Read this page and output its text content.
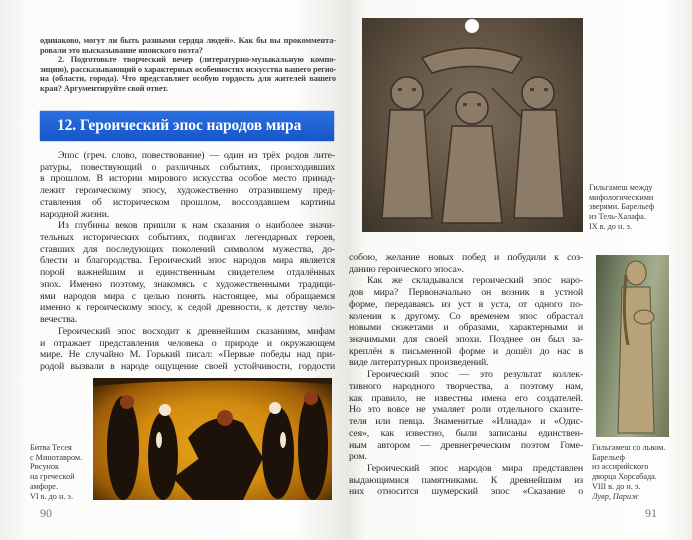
одинаково, могут ли быть разными сердца людей». Как бы вы прокоммента-
ровали это высказывание японского поэта?
2. Подготовьте творческий вечер (литературно-музыкальную компо-
зицию), рассказывающий о характерных особенностях искусства вашего регио-
на (области, города). Что представляет особую гордость для жителей вашего
края? Аргументируйте свой ответ.
12. Героический эпос народов мира
Эпос (греч. слово, повествование) — один из трёх родов лите-
ратуры, повествующий о различных событиях, происходивших
в прошлом. В истории мирового искусства особое место принад-
лежит героическому эпосу, художественно отразившему пред-
ставления об историческом прошлом, воссоздавшем картины
народной жизни.
Из глубины веков пришли к нам сказания о наиболее значи-
тельных исторических событиях, подвигах легендарных героев,
ставших для последующих поколений символом мужества, до-
блести и благородства. Героический эпос народов мира является
порой важнейшим и единственным свидетелем отдалённых
эпох. Именно поэтому, знакомясь с художественными традици-
ями народов мира с целью понять настоящее, мы обращаемся
именно к героическому эпосу, к седой древности, к детству чело-
вечества.
Героический эпос восходит к древнейшим сказаниям, мифам
и отражает представления человека о природе и окружающем
мире. Не случайно М. Горький писал: «Первые победы над при-
родой вызвали в народе ощущение своей устойчивости, гордости
Битва Тесея
с Минотавром.
Рисунок
на греческой
амфоре.
VI в. до н. э.
90
Гильгамеш между
мифологическими
зверями. Барельеф
из Тель-Халафа.
IX в. до н. э.
собою, желание новых побед и побудили к соз-
данию героического эпоса».
Как же складывался героический эпос наро-
дов мира? Первоначально он возник в устной
форме, передаваясь из уст в уста, от одного по-
коления к другому. Со временем эпос обрастал
новыми сюжетами и образами, характерными и
значимыми для своей эпохи. Позднее он был за-
креплён в письменной форме и дошёл до нас в
виде литературных произведений.
Героический эпос — это результат коллек-
тивного народного творчества, а поэтому нам,
как правило, не известны имена его создателей.
Но это вовсе не умаляет роли отдельного сказите-
теля или певца. Знаменитые «Илиада» и «Одис-
сея», как известно, были записаны единствен-
ным автором — древнегреческим поэтом Гоме-
ром.
Героический эпос народов мира представлен
выдающимися памятниками. К древнейшим из
них относится шумерский эпос «Сказание о
Гильгамеш со львом.
Барельеф
из ассирийского
дворца Хорсабада.
VIII в. до н. э.
Лувр, Париж
91
